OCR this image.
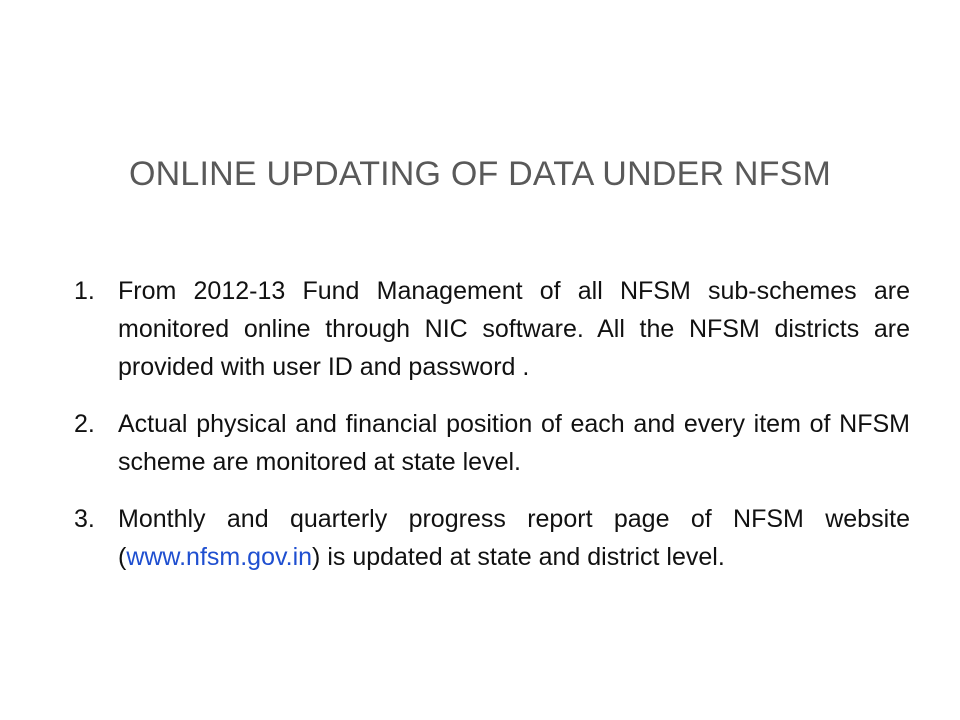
ONLINE UPDATING OF DATA UNDER NFSM
1. From 2012-13 Fund Management of all NFSM sub-schemes are monitored online through NIC software. All the NFSM districts are provided with user ID and password .
2. Actual physical and financial position of each and every item of NFSM scheme are monitored at state level.
3. Monthly and quarterly progress report page of NFSM website (www.nfsm.gov.in) is updated at state and district level.
